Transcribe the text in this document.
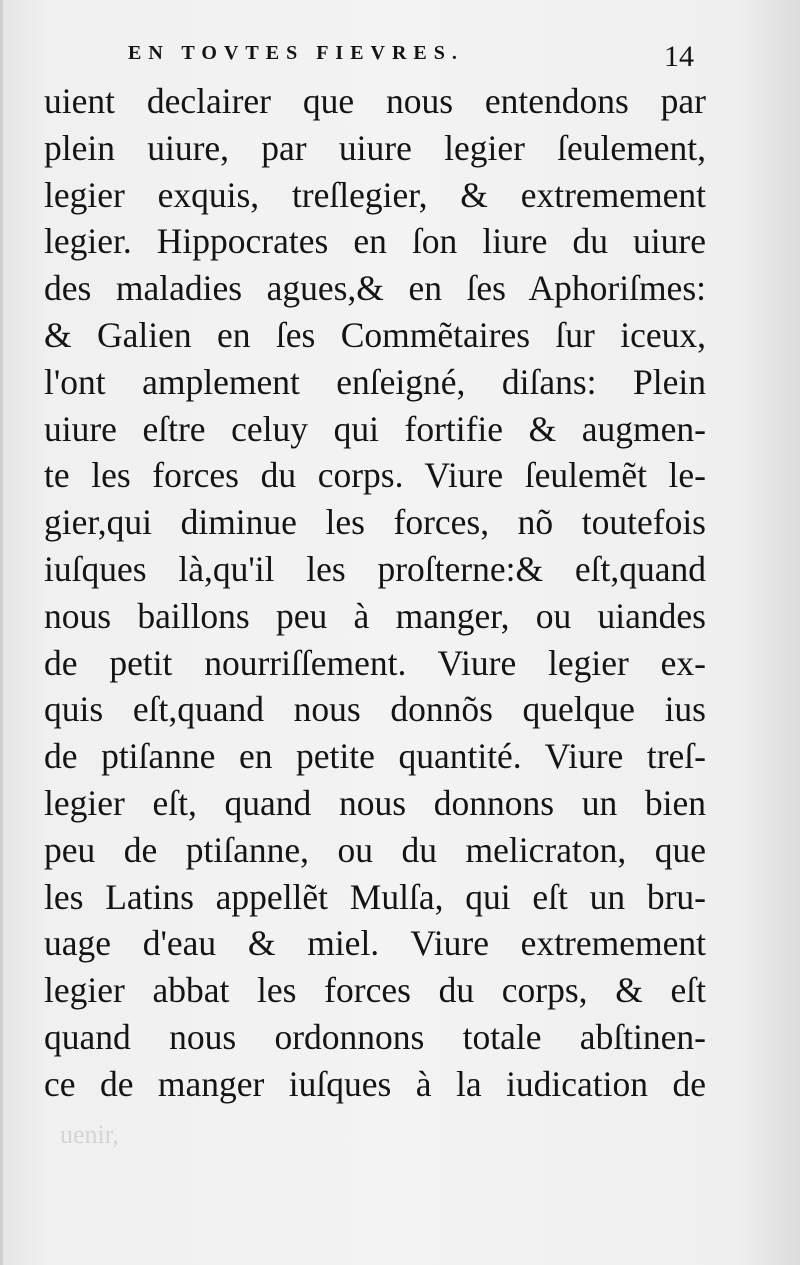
EN TOVTES FIEVRES.	14
uient declairer que nous entendons par
plein uiure, par uiure legier ſeulement,
legier exquis, treſlegier, & extremement
legier. Hippocrates en ſon liure du uiure
des maladies agues,& en ſes Aphoriſmes:
& Galien en ſes Commẽtaires ſur iceux,
l'ont amplement enſeigné, diſans: Plein
uiure eſtre celuy qui fortifie & augmen-
te les forces du corps. Viure ſeulemẽt le-
gier,qui diminue les forces, nõ toutefois
iuſques là,qu'il les proſterne:& eſt,quand
nous baillons peu à manger, ou uiandes
de petit nourriſſement. Viure legier ex-
quis eſt,quand nous donnõs quelque ius
de ptiſanne en petite quantité. Viure treſ-
legier eſt, quand nous donnons un bien
peu de ptiſanne, ou du melicraton, que
les Latins appellẽt Mulſa, qui eſt un bru-
uage d'eau & miel. Viure extremement
legier abbat les forces du corps, & eſt
quand nous ordonnons totale abſtinen-
ce de manger iuſques à la iudication de
uenir,
